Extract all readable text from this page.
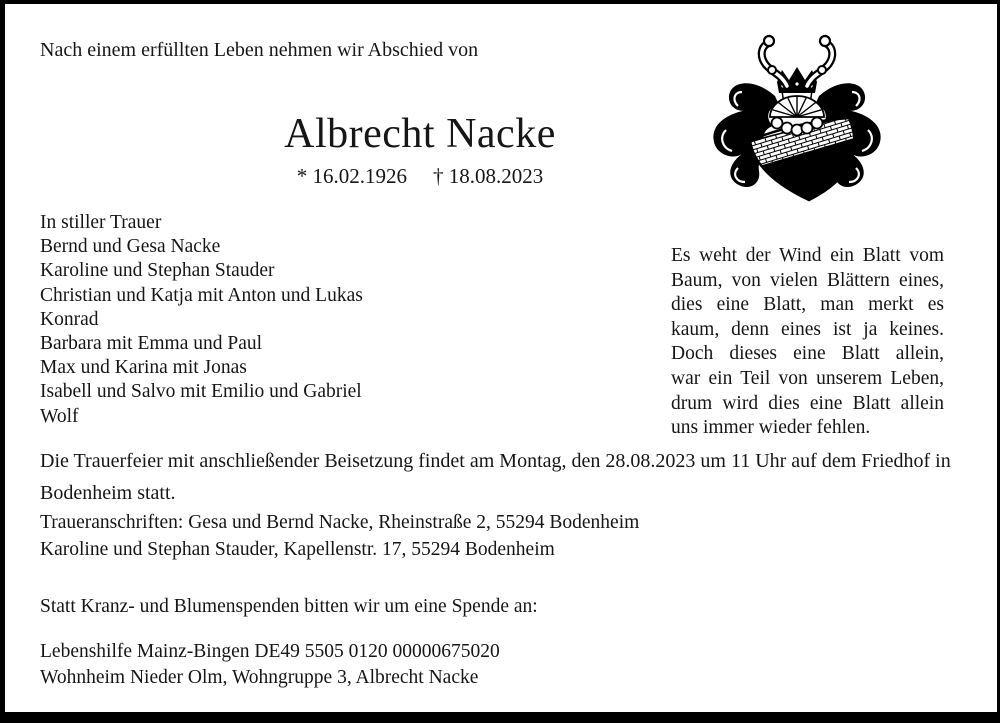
Nach einem erfüllten Leben nehmen wir Abschied von
Albrecht Nacke
* 16.02.1926 † 18.08.2023
In stiller Trauer
Bernd und Gesa Nacke
Karoline und Stephan Stauder
Christian und Katja mit Anton und Lukas
Konrad
Barbara mit Emma und Paul
Max und Karina mit Jonas
Isabell und Salvo mit Emilio und Gabriel
Wolf
Es weht der Wind ein Blatt vom
Baum, von vielen Blättern eines,
dies eine Blatt, man merkt es
kaum, denn eines ist ja keines.
Doch dieses eine Blatt allein,
war ein Teil von unserem Leben,
drum wird dies eine Blatt allein
uns immer wieder fehlen.
Die Trauerfeier mit anschließender Beisetzung findet am Montag, den 28.08.2023 um 11 Uhr auf dem Friedhof in Bodenheim statt.
Traueranschriften: Gesa und Bernd Nacke, Rheinstraße 2, 55294 Bodenheim
Karoline und Stephan Stauder, Kapellenstr. 17, 55294 Bodenheim
Statt Kranz- und Blumenspenden bitten wir um eine Spende an:
Lebenshilfe Mainz-Bingen DE49 5505 0120 00000675020
Wohnheim Nieder Olm, Wohngruppe 3, Albrecht Nacke
